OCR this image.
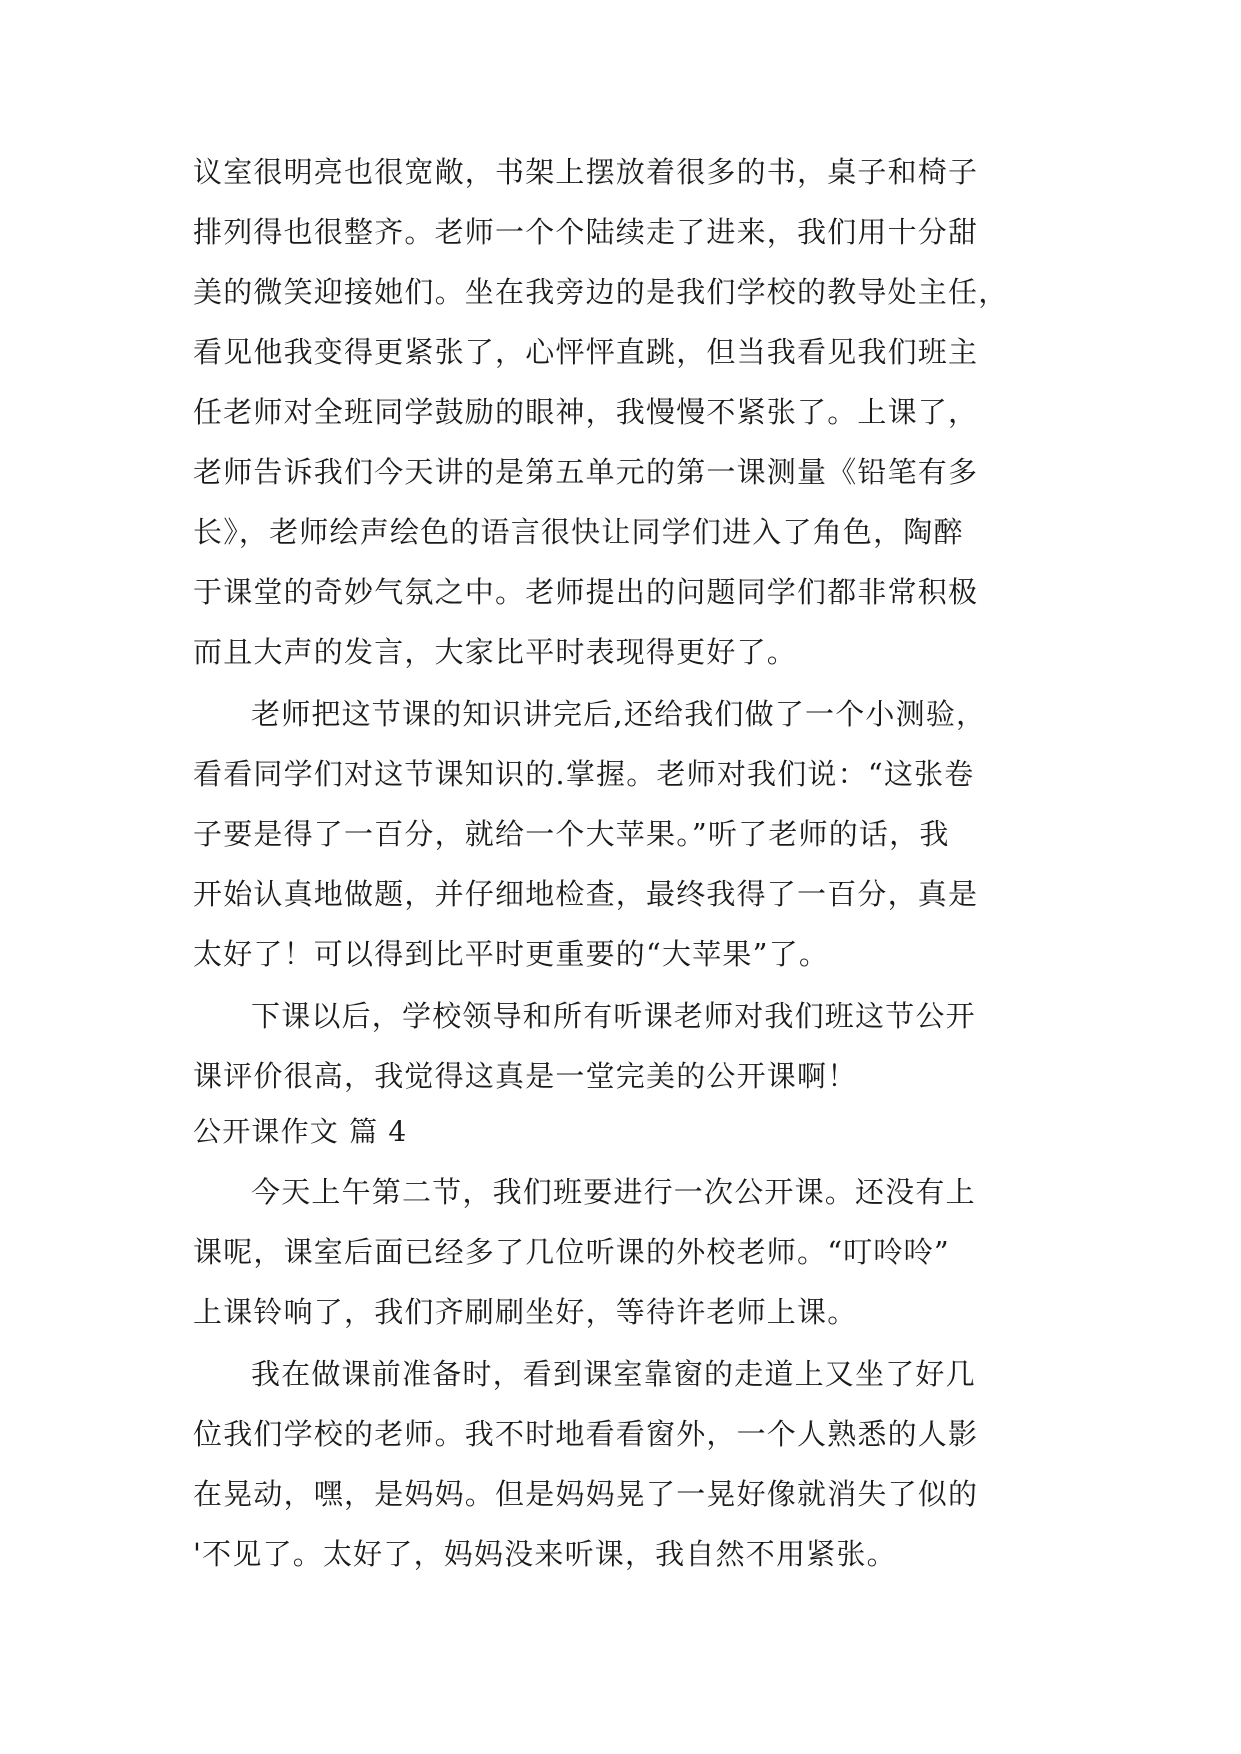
议室很明亮也很宽敞，书架上摆放着很多的书，桌子和椅子
排列得也很整齐。老师一个个陆续走了进来，我们用十分甜
美的微笑迎接她们。坐在我旁边的是我们学校的教导处主任，
看见他我变得更紧张了，心怦怦直跳，但当我看见我们班主
任老师对全班同学鼓励的眼神，我慢慢不紧张了。上课了，
老师告诉我们今天讲的是第五单元的第一课测量《铅笔有多
长》，老师绘声绘色的语言很快让同学们进入了角色，陶醉
于课堂的奇妙气氛之中。老师提出的问题同学们都非常积极
而且大声的发言，大家比平时表现得更好了。
老师把这节课的知识讲完后,还给我们做了一个小测验，
看看同学们对这节课知识的.掌握。老师对我们说：“这张卷
子要是得了一百分，就给一个大苹果。”听了老师的话，我
开始认真地做题，并仔细地检查，最终我得了一百分，真是
太好了！可以得到比平时更重要的“大苹果”了。
下课以后，学校领导和所有听课老师对我们班这节公开
课评价很高，我觉得这真是一堂完美的公开课啊！
公开课作文 篇 4
今天上午第二节，我们班要进行一次公开课。还没有上
课呢，课室后面已经多了几位听课的外校老师。“叮呤呤”
上课铃响了，我们齐刷刷坐好，等待许老师上课。
我在做课前准备时，看到课室靠窗的走道上又坐了好几
位我们学校的老师。我不时地看看窗外，一个人熟悉的人影
在晃动，嘿，是妈妈。但是妈妈晃了一晃好像就消失了似的
'不见了。太好了，妈妈没来听课，我自然不用紧张。
